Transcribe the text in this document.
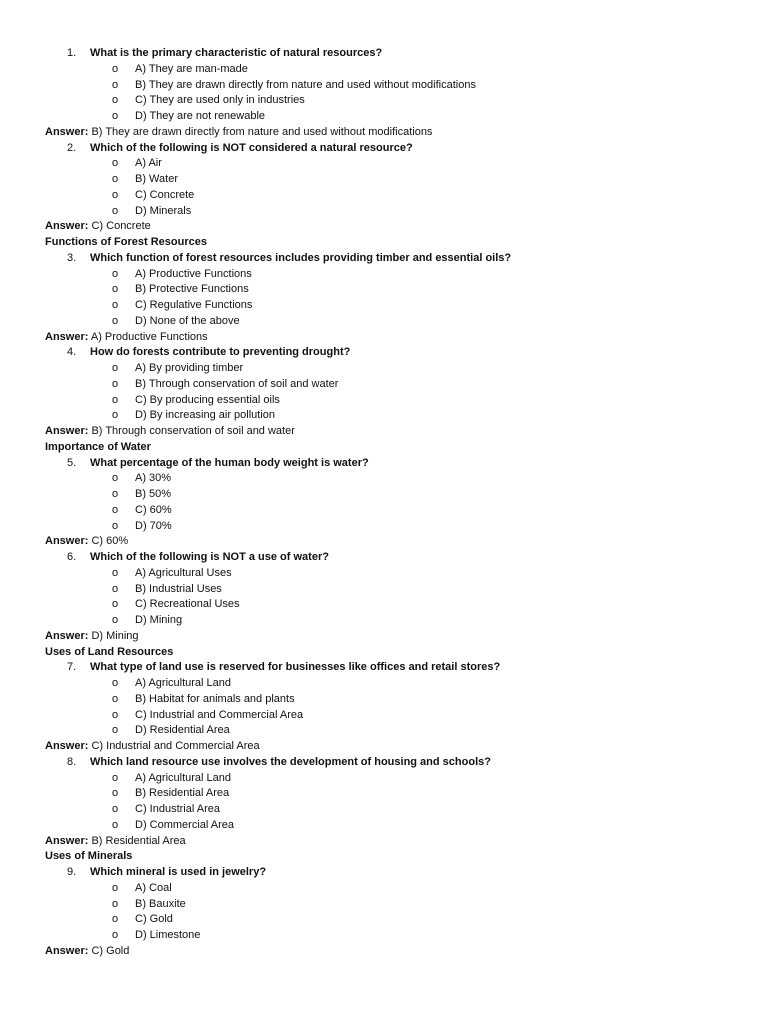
1. What is the primary characteristic of natural resources?
o A) They are man-made
o B) They are drawn directly from nature and used without modifications
o C) They are used only in industries
o D) They are not renewable
Answer: B) They are drawn directly from nature and used without modifications
2. Which of the following is NOT considered a natural resource?
o A) Air
o B) Water
o C) Concrete
o D) Minerals
Answer: C) Concrete
Functions of Forest Resources
3. Which function of forest resources includes providing timber and essential oils?
o A) Productive Functions
o B) Protective Functions
o C) Regulative Functions
o D) None of the above
Answer: A) Productive Functions
4. How do forests contribute to preventing drought?
o A) By providing timber
o B) Through conservation of soil and water
o C) By producing essential oils
o D) By increasing air pollution
Answer: B) Through conservation of soil and water
Importance of Water
5. What percentage of the human body weight is water?
o A) 30%
o B) 50%
o C) 60%
o D) 70%
Answer: C) 60%
6. Which of the following is NOT a use of water?
o A) Agricultural Uses
o B) Industrial Uses
o C) Recreational Uses
o D) Mining
Answer: D) Mining
Uses of Land Resources
7. What type of land use is reserved for businesses like offices and retail stores?
o A) Agricultural Land
o B) Habitat for animals and plants
o C) Industrial and Commercial Area
o D) Residential Area
Answer: C) Industrial and Commercial Area
8. Which land resource use involves the development of housing and schools?
o A) Agricultural Land
o B) Residential Area
o C) Industrial Area
o D) Commercial Area
Answer: B) Residential Area
Uses of Minerals
9. Which mineral is used in jewelry?
o A) Coal
o B) Bauxite
o C) Gold
o D) Limestone
Answer: C) Gold
